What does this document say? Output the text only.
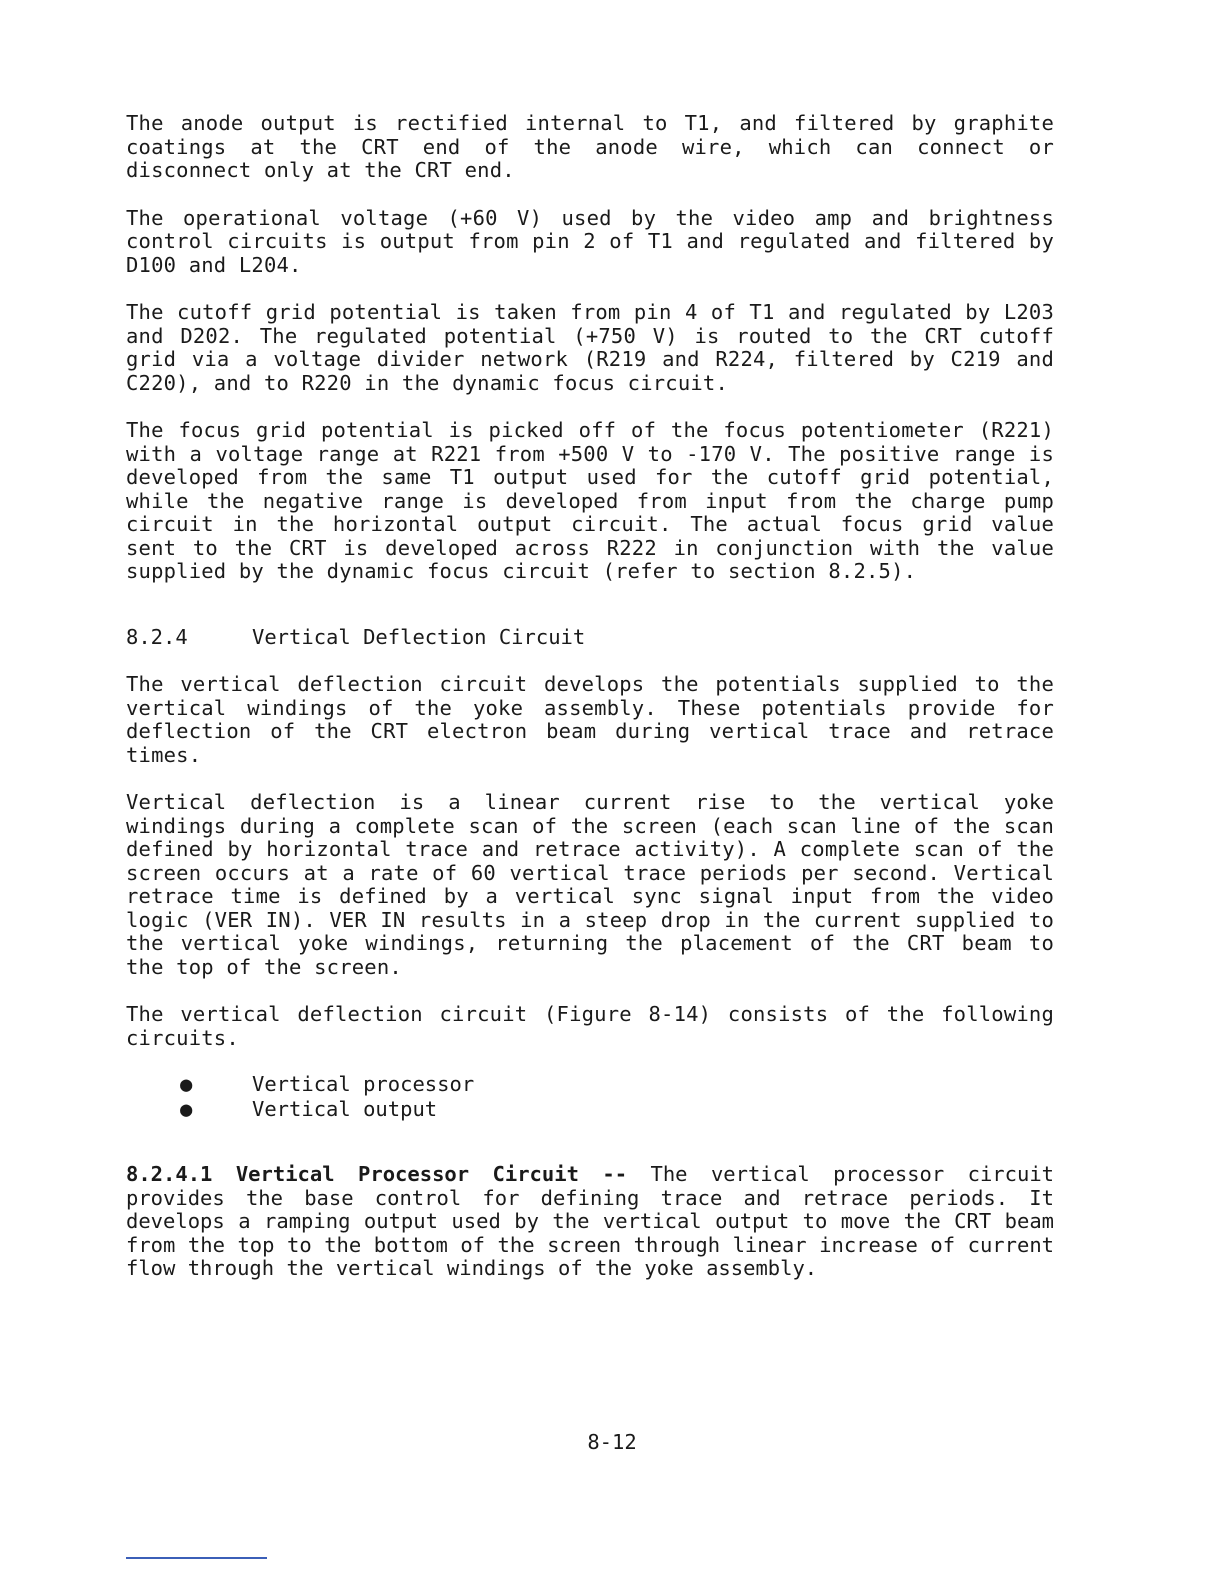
The anode output is rectified internal to T1, and filtered by graphite coatings at the CRT end of the anode wire, which can connect or disconnect only at the CRT end.

The operational voltage (+60 V) used by the video amp and brightness control circuits is output from pin 2 of T1 and regulated and filtered by D100 and L204.

The cutoff grid potential is taken from pin 4 of T1 and regulated by L203 and D202. The regulated potential (+750 V) is routed to the CRT cutoff grid via a voltage divider network (R219 and R224, filtered by C219 and C220), and to R220 in the dynamic focus circuit.

The focus grid potential is picked off of the focus potentiometer (R221) with a voltage range at R221 from +500 V to -170 V. The positive range is developed from the same T1 output used for the cutoff grid potential, while the negative range is developed from input from the charge pump circuit in the horizontal output circuit. The actual focus grid value sent to the CRT is developed across R222 in conjunction with the value supplied by the dynamic focus circuit (refer to section 8.2.5).

8.2.4	Vertical Deflection Circuit

The vertical deflection circuit develops the potentials supplied to the vertical windings of the yoke assembly. These potentials provide for deflection of the CRT electron beam during vertical trace and retrace times.

Vertical deflection is a linear current rise to the vertical yoke windings during a complete scan of the screen (each scan line of the scan defined by horizontal trace and retrace activity). A complete scan of the screen occurs at a rate of 60 vertical trace periods per second. Vertical retrace time is defined by a vertical sync signal input from the video logic (VER IN). VER IN results in a steep drop in the current supplied to the vertical yoke windings, returning the placement of the CRT beam to the top of the screen.

The vertical deflection circuit (Figure 8-14) consists of the following circuits.

●	Vertical processor
●	Vertical output

8.2.4.1 Vertical Processor Circuit -- The vertical processor circuit provides the base control for defining trace and retrace periods. It develops a ramping output used by the vertical output to move the CRT beam from the top to the bottom of the screen through linear increase of current flow through the vertical windings of the yoke assembly.

8-12
